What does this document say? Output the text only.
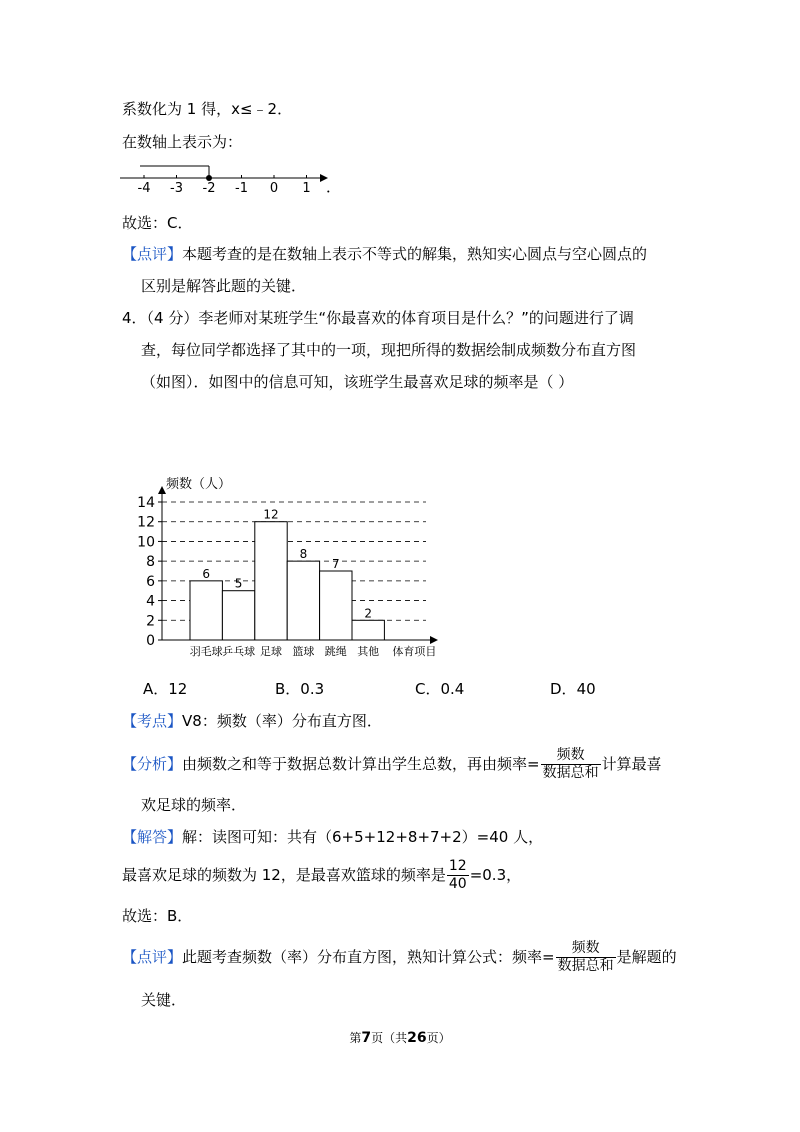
系数化为 1 得，x≤﹣2．
在数轴上表示为：
-4 -3 -2 -1 0 1 ．
故选：C．
【点评】本题考查的是在数轴上表示不等式的解集，熟知实心圆点与空心圆点的
区别是解答此题的关键．
4．（4 分）李老师对某班学生“你最喜欢的体育项目是什么？”的问题进行了调
查，每位同学都选择了其中的一项，现把所得的数据绘制成频数分布直方图
（如图）．如图中的信息可知，该班学生最喜欢足球的频率是（ ）
频数（人）
0
2
4
6
8
10
12
14
6
羽毛球
5
乒乓球
12
足球
8
篮球
7
跳绳
2
其他 体育项目
A．12	B．0.3	C．0.4	D．40
【考点】V8：频数（率）分布直方图．
【分析】由频数之和等于数据总数计算出学生总数，再由频率= $\frac{\text{频数}}{\text{数据总和}}$ 计算最喜
欢足球的频率．
【解答】解：读图可知：共有（6+5+12+8+7+2）=40 人，
最喜欢足球的频数为 12，是最喜欢篮球的频率是 $\frac{12}{40} =0.3$，
故选：B．
【点评】此题考查频数（率）分布直方图，熟知计算公式：频率= $\frac{\text{频数}}{\text{数据总和}}$ 是解题的
关键．
第7页（共26页）
